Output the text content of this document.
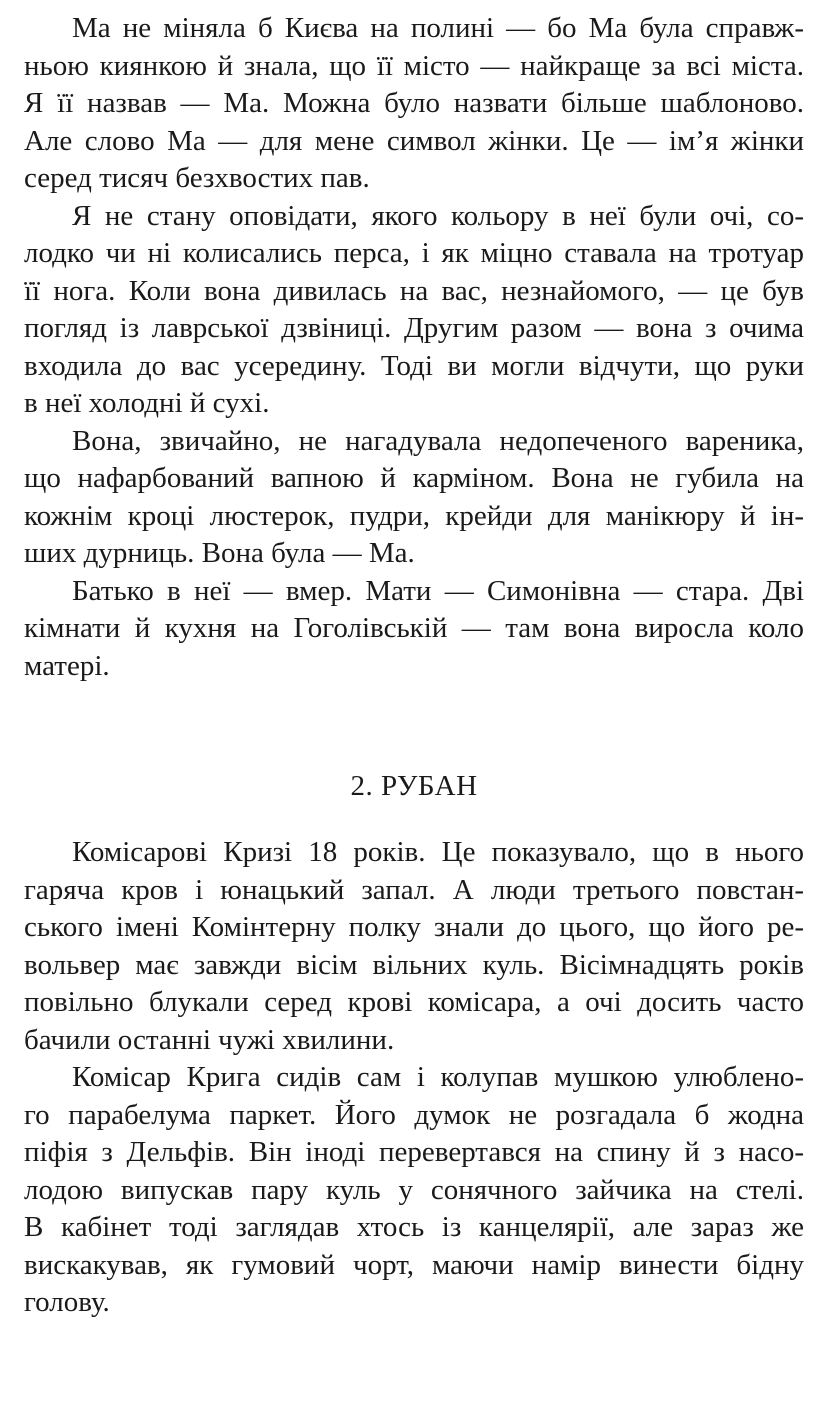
Ма не міняла б Києва на полині — бо Ма була справж-
ньою киянкою й знала, що її місто — найкраще за всі міста.
Я її назвав — Ма. Можна було назвати більше шаблоново.
Але слово Ма — для мене символ жінки. Це — ім’я жінки
серед тисяч безхвостих пав.
Я не стану оповідати, якого кольору в неї були очі, со-
лодко чи ні колисались перса, і як міцно ставала на тротуар
її нога. Коли вона дивилась на вас, незнайомого, — це був
погляд із лаврської дзвіниці. Другим разом — вона з очима
входила до вас усередину. Тоді ви могли відчути, що руки
в неї холодні й сухі.
Вона, звичайно, не нагадувала недопеченого вареника,
що нафарбований вапною й карміном. Вона не губила на
кожнім кроці люстерок, пудри, крейди для манікюру й ін-
ших дурниць. Вона була — Ма.
Батько в неї — вмер. Мати — Симонівна — стара. Дві
кімнати й кухня на Гоголівській — там вона виросла коло
матері.
2. РУБАН
Комісарові Кризі 18 років. Це показувало, що в нього
гаряча кров і юнацький запал. А люди третього повстан-
ського імені Комінтерну полку знали до цього, що його ре-
вольвер має завжди вісім вільних куль. Вісімнадцять років
повільно блукали серед крові комісара, а очі досить часто
бачили останні чужі хвилини.
Комісар Крига сидів сам і колупав мушкою улюблено-
го парабелума паркет. Його думок не розгадала б жодна
піфія з Дельфів. Він іноді перевертався на спину й з насо-
лодою випускав пару куль у сонячного зайчика на стелі.
В кабінет тоді заглядав хтось із канцелярії, але зараз же
вискакував, як гумовий чорт, маючи намір винести бідну
голову.
